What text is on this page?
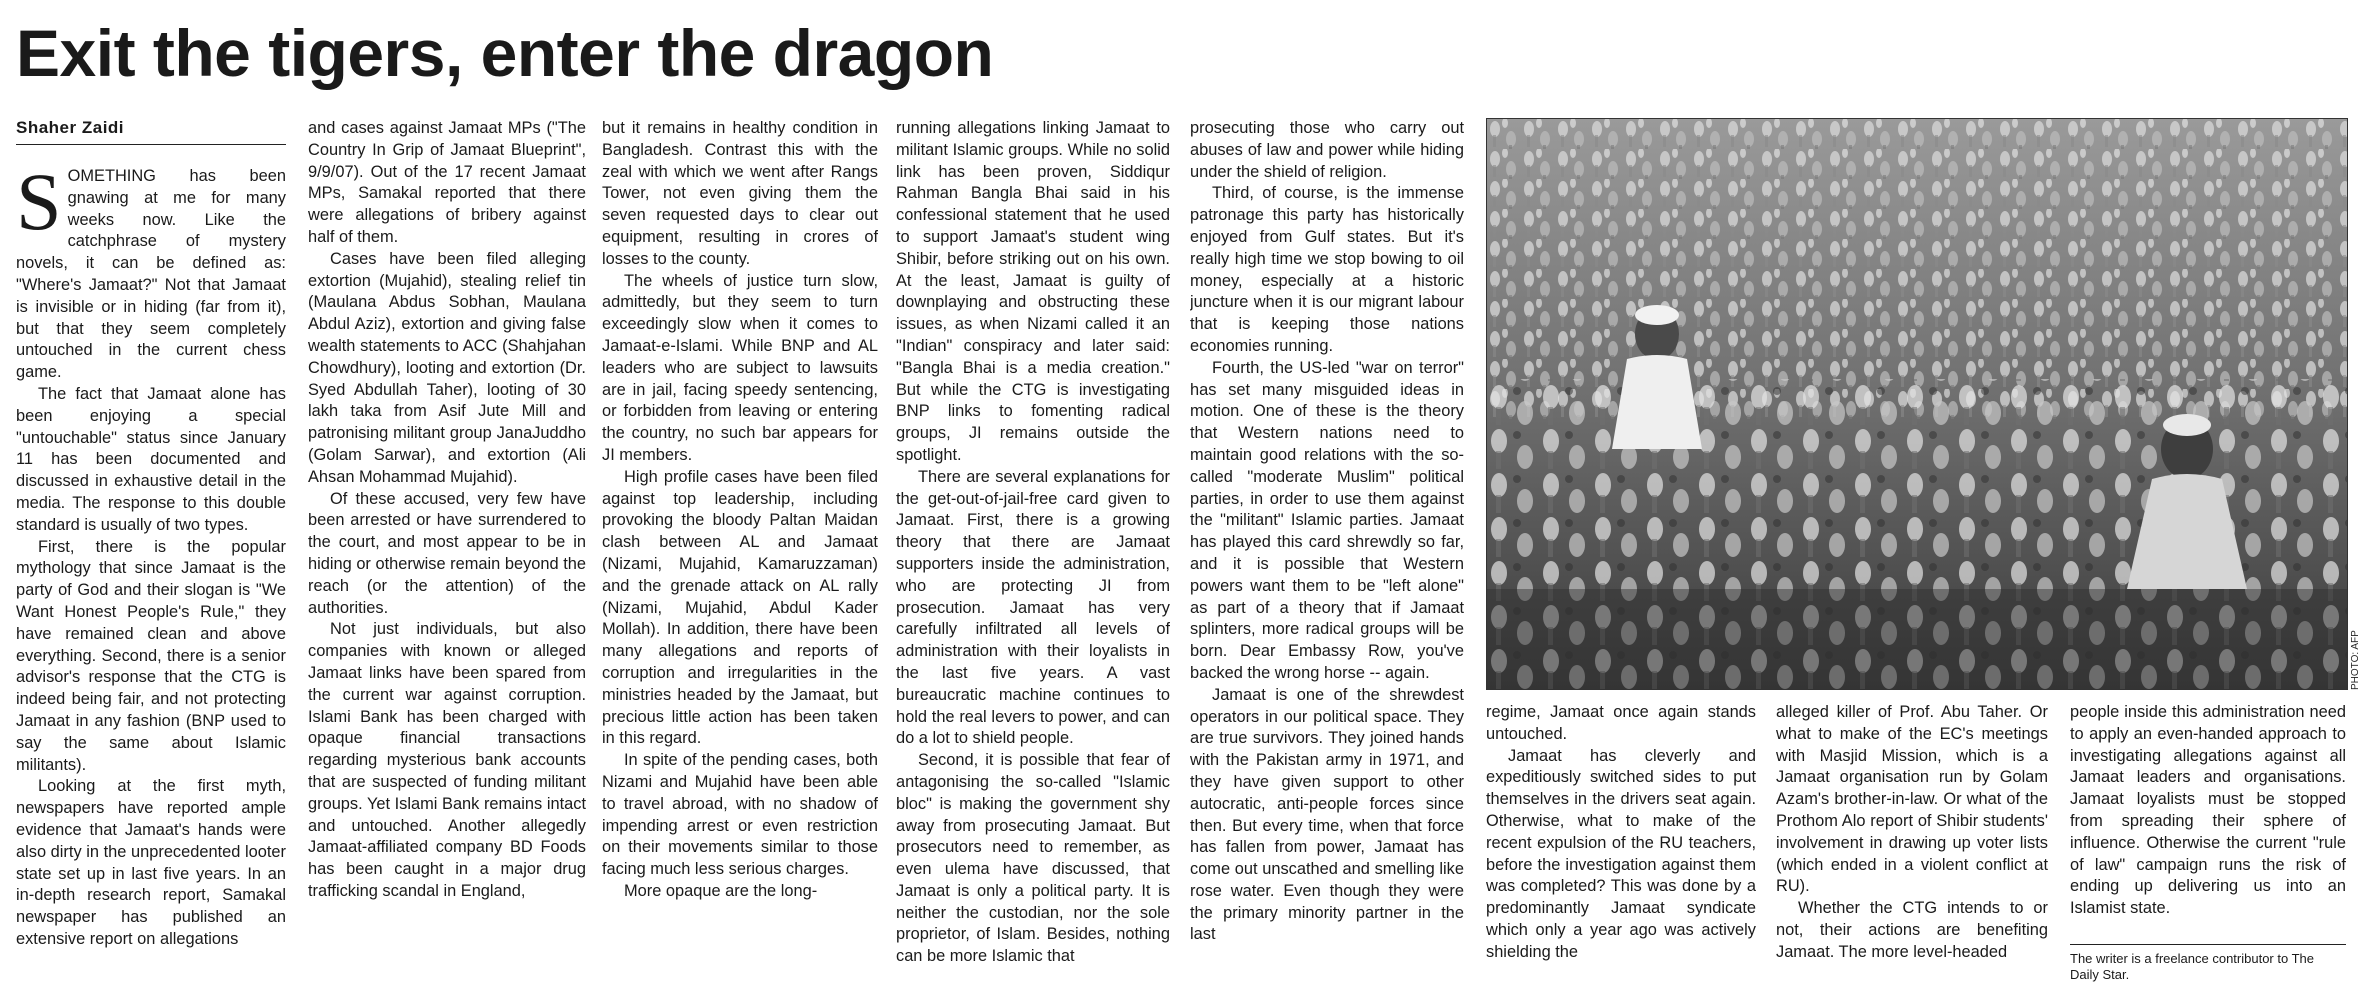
Exit the tigers, enter the dragon
Shaher Zaidi
S OMETHING has been gnawing at me for many weeks now. Like the catchphrase of mystery novels, it can be defined as: "Where's Jamaat?" Not that Jamaat is invisible or in hiding (far from it), but that they seem completely untouched in the current chess game.

The fact that Jamaat alone has been enjoying a special "untouchable" status since January 11 has been documented and discussed in exhaustive detail in the media. The response to this double standard is usually of two types.

First, there is the popular mythology that since Jamaat is the party of God and their slogan is "We Want Honest People's Rule," they have remained clean and above everything. Second, there is a senior advisor's response that the CTG is indeed being fair, and not protecting Jamaat in any fashion (BNP used to say the same about Islamic militants).

Looking at the first myth, newspapers have reported ample evidence that Jamaat's hands were also dirty in the unprecedented looter state set up in last five years. In an in-depth research report, Samakal newspaper has published an extensive report on allegations

and cases against Jamaat MPs ("The Country In Grip of Jamaat Blueprint", 9/9/07). Out of the 17 recent Jamaat MPs, Samakal reported that there were allegations of bribery against half of them.

Cases have been filed alleging extortion (Mujahid), stealing relief tin (Maulana Abdus Sobhan, Maulana Abdul Aziz), extortion and giving false wealth statements to ACC (Shahjahan Chowdhury), looting and extortion (Dr. Syed Abdullah Taher), looting of 30 lakh taka from Asif Jute Mill and patronising militant group JanaJuddho (Golam Sarwar), and extortion (Ali Ahsan Mohammad Mujahid).

Of these accused, very few have been arrested or have surrendered to the court, and most appear to be in hiding or otherwise remain beyond the reach (or the attention) of the authorities.

Not just individuals, but also companies with known or alleged Jamaat links have been spared from the current war against corruption. Islami Bank has been charged with opaque financial transactions regarding mysterious bank accounts that are suspected of funding militant groups. Yet Islami Bank remains intact and untouched. Another allegedly Jamaat-affiliated company BD Foods has been caught in a major drug trafficking scandal in England,

but it remains in healthy condition in Bangladesh. Contrast this with the zeal with which we went after Rangs Tower, not even giving them the seven requested days to clear out equipment, resulting in crores of losses to the county.

The wheels of justice turn slow, admittedly, but they seem to turn exceedingly slow when it comes to Jamaat-e-Islami. While BNP and AL leaders who are subject to lawsuits are in jail, facing speedy sentencing, or forbidden from leaving or entering the country, no such bar appears for JI members.

High profile cases have been filed against top leadership, including provoking the bloody Paltan Maidan clash between AL and Jamaat (Nizami, Mujahid, Kamaruzzaman) and the grenade attack on AL rally (Nizami, Mujahid, Abdul Kader Mollah). In addition, there have been many allegations and reports of corruption and irregularities in the ministries headed by the Jamaat, but precious little action has been taken in this regard.

In spite of the pending cases, both Nizami and Mujahid have been able to travel abroad, with no shadow of impending arrest or even restriction on their movements similar to those facing much less serious charges.

More opaque are the long-

running allegations linking Jamaat to militant Islamic groups. While no solid link has been proven, Siddiqur Rahman Bangla Bhai said in his confessional statement that he used to support Jamaat's student wing Shibir, before striking out on his own. At the least, Jamaat is guilty of downplaying and obstructing these issues, as when Nizami called it an "Indian" conspiracy and later said: "Bangla Bhai is a media creation." But while the CTG is investigating BNP links to fomenting radical groups, JI remains outside the spotlight.

There are several explanations for the get-out-of-jail-free card given to Jamaat. First, there is a growing theory that there are Jamaat supporters inside the administration, who are protecting JI from prosecution. Jamaat has very carefully infiltrated all levels of administration with their loyalists in the last five years. A vast bureaucratic machine continues to hold the real levers to power, and can do a lot to shield people.

Second, it is possible that fear of antagonising the so-called "Islamic bloc" is making the government shy away from prosecuting Jamaat. But prosecutors need to remember, as even ulema have discussed, that Jamaat is only a political party. It is neither the custodian, nor the sole proprietor, of Islam. Besides, nothing can be more Islamic that

prosecuting those who carry out abuses of law and power while hiding under the shield of religion.

Third, of course, is the immense patronage this party has historically enjoyed from Gulf states. But it's really high time we stop bowing to oil money, especially at a historic juncture when it is our migrant labour that is keeping those nations economies running.

Fourth, the US-led "war on terror" has set many misguided ideas in motion. One of these is the theory that Western nations need to maintain good relations with the so-called "moderate Muslim" political parties, in order to use them against the "militant" Islamic parties. Jamaat has played this card shrewdly so far, and it is possible that Western powers want them to be "left alone" as part of a theory that if Jamaat splinters, more radical groups will be born. Dear Embassy Row, you've backed the wrong horse -- again.

Jamaat is one of the shrewdest operators in our political space. They are true survivors. They joined hands with the Pakistan army in 1971, and they have given support to other autocratic, anti-people forces since then. But every time, when that force has fallen from power, Jamaat has come out unscathed and smelling like rose water. Even though they were the primary minority partner in the last

PHOTO: AFP

regime, Jamaat once again stands untouched.

Jamaat has cleverly and expeditiously switched sides to put themselves in the drivers seat again. Otherwise, what to make of the recent expulsion of the RU teachers, before the investigation against them was completed? This was done by a predominantly Jamaat syndicate which only a year ago was actively shielding the

alleged killer of Prof. Abu Taher. Or what to make of the EC's meetings with Masjid Mission, which is a Jamaat organisation run by Golam Azam's brother-in-law. Or what of the Prothom Alo report of Shibir students' involvement in drawing up voter lists (which ended in a violent conflict at RU).

Whether the CTG intends to or not, their actions are benefiting Jamaat. The more level-headed

people inside this administration need to apply an even-handed approach to investigating allegations against all Jamaat leaders and organisations. Jamaat loyalists must be stopped from spreading their sphere of influence. Otherwise the current "rule of law" campaign runs the risk of ending up delivering us into an Islamist state.

The writer is a freelance contributor to The Daily Star.
